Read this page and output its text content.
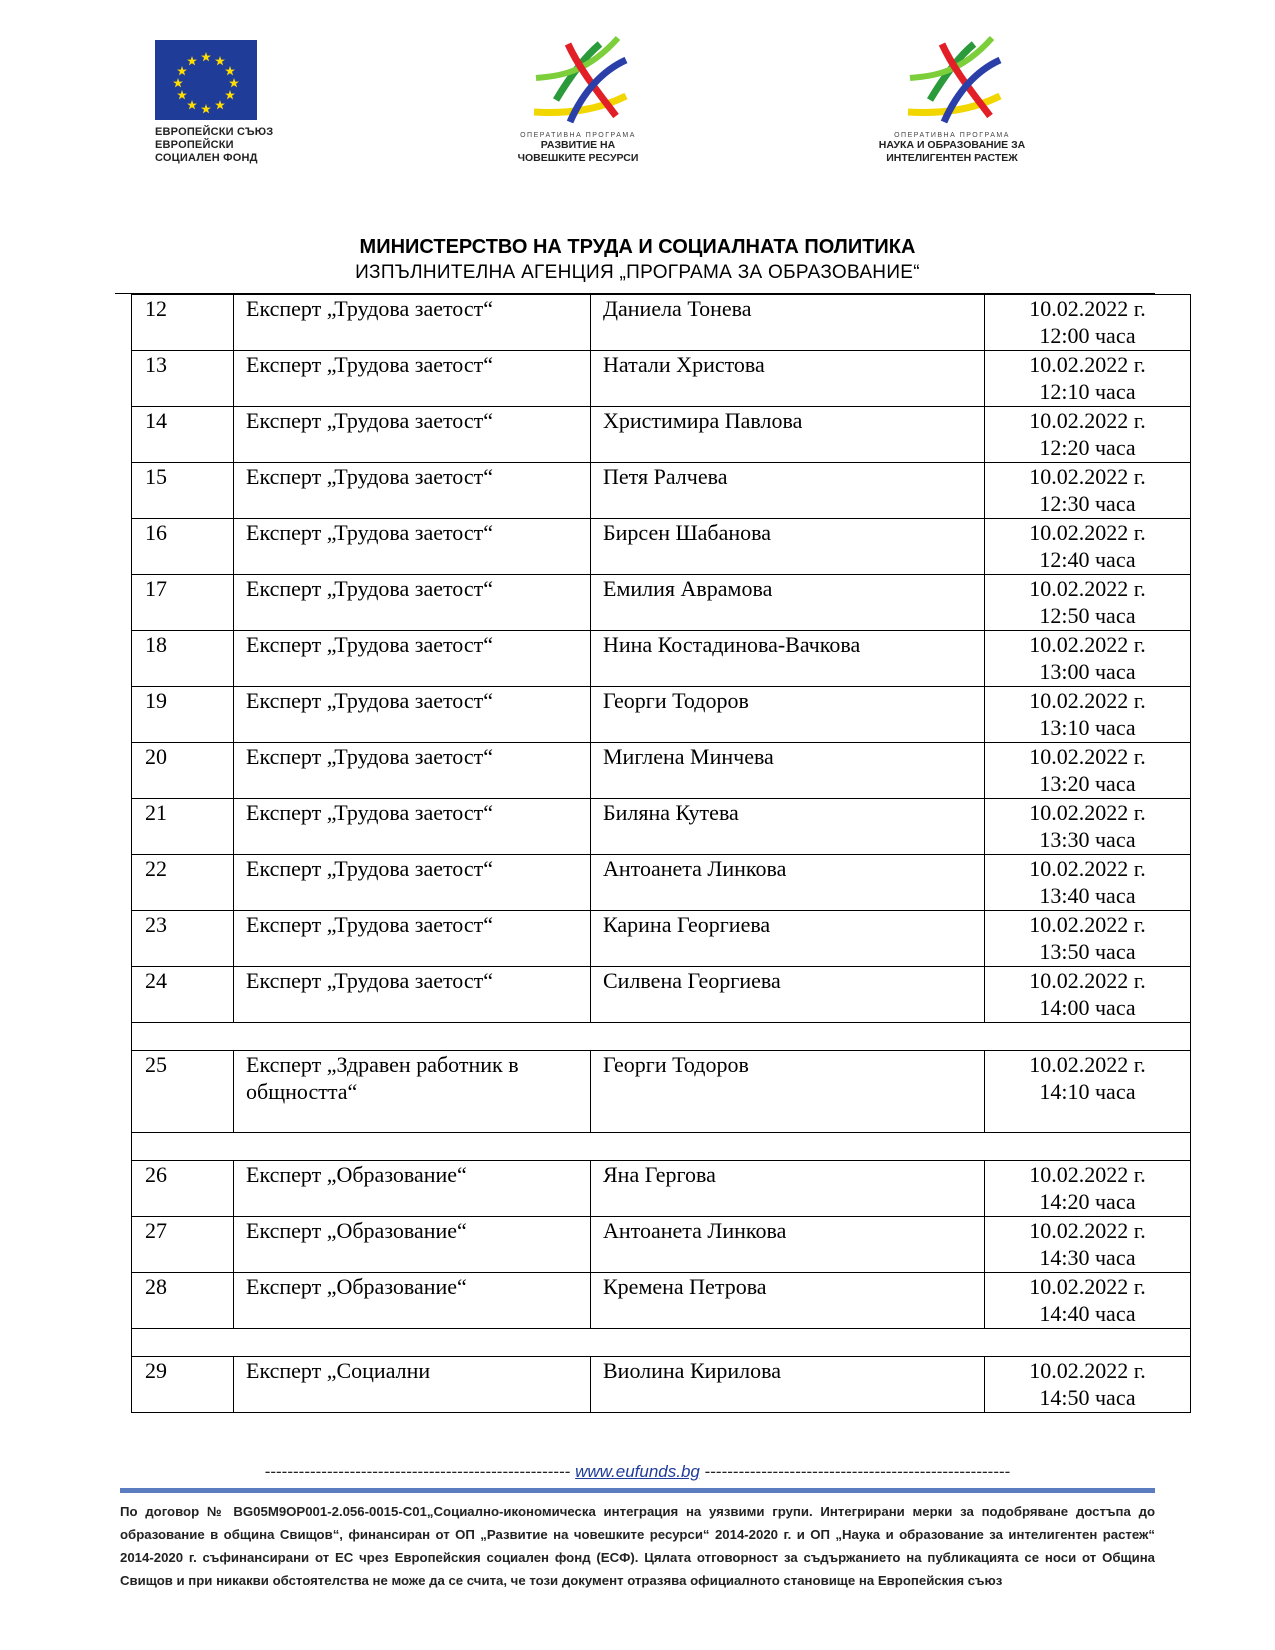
ЕВРОПЕЙСКИ СЪЮЗ
ЕВРОПЕЙСКИ
СОЦИАЛЕН ФОНД
ОПЕРАТИВНА ПРОГРАМА
РАЗВИТИЕ НА
ЧОВЕШКИТЕ РЕСУРСИ
ОПЕРАТИВНА ПРОГРАМА
НАУКА И ОБРАЗОВАНИЕ ЗА
ИНТЕЛИГЕНТЕН РАСТЕЖ
МИНИСТЕРСТВО НА ТРУДА И СОЦИАЛНАТА ПОЛИТИКА
ИЗПЪЛНИТЕЛНА АГЕНЦИЯ „ПРОГРАМА ЗА ОБРАЗОВАНИЕ“
12	Експерт „Трудова заетост“	Даниела Тонева	10.02.2022 г.
12:00 часа

13	Експерт „Трудова заетост“	Натали Христова	10.02.2022 г.
12:10 часа

14	Експерт „Трудова заетост“	Христимира Павлова	10.02.2022 г.
12:20 часа

15	Експерт „Трудова заетост“	Петя Ралчева	10.02.2022 г.
12:30 часа

16	Експерт „Трудова заетост“	Бирсен Шабанова	10.02.2022 г.
12:40 часа

17	Експерт „Трудова заетост“	Емилия Аврамова	10.02.2022 г.
12:50 часа

18	Експерт „Трудова заетост“	Нина Костадинова-Вачкова	10.02.2022 г.
13:00 часа

19	Експерт „Трудова заетост“	Георги Тодоров	10.02.2022 г.
13:10 часа

20	Експерт „Трудова заетост“	Миглена Минчева	10.02.2022 г.
13:20 часа

21	Експерт „Трудова заетост“	Биляна Кутева	10.02.2022 г.
13:30 часа

22	Експерт „Трудова заетост“	Антоанета Линкова	10.02.2022 г.
13:40 часа

23	Експерт „Трудова заетост“	Карина Георгиева	10.02.2022 г.
13:50 часа

24	Експерт „Трудова заетост“	Силвена Георгиева	10.02.2022 г.
14:00 часа

25	Експерт „Здравен работник в общността“	Георги Тодоров	10.02.2022 г.
14:10 часа

26	Експерт „Образование“	Яна Гергова	10.02.2022 г.
14:20 часа

27	Експерт „Образование“	Антоанета Линкова	10.02.2022 г.
14:30 часа

28	Експерт „Образование“	Кремена Петрова	10.02.2022 г.
14:40 часа

29	Експерт „Социални	Виолина Кирилова	10.02.2022 г.
14:50 часа
------------------------------------------------------ www.eufunds.bg ------------------------------------------------------
По договор № BG05M9OP001-2.056-0015-C01„Социално-икономическа интеграция на уязвими групи. Интегрирани мерки за подобряване достъпа до образование в община Свищов“, финансиран от ОП „Развитие на човешките ресурси“ 2014-2020 г. и ОП „Наука и образование за интелигентен растеж“ 2014-2020 г. съфинансирани от ЕС чрез Европейския социален фонд (ЕСФ). Цялата отговорност за съдържанието на публикацията се носи от Община Свищов и при никакви обстоятелства не може да се счита, че този документ отразява официалното становище на Европейския съюз
